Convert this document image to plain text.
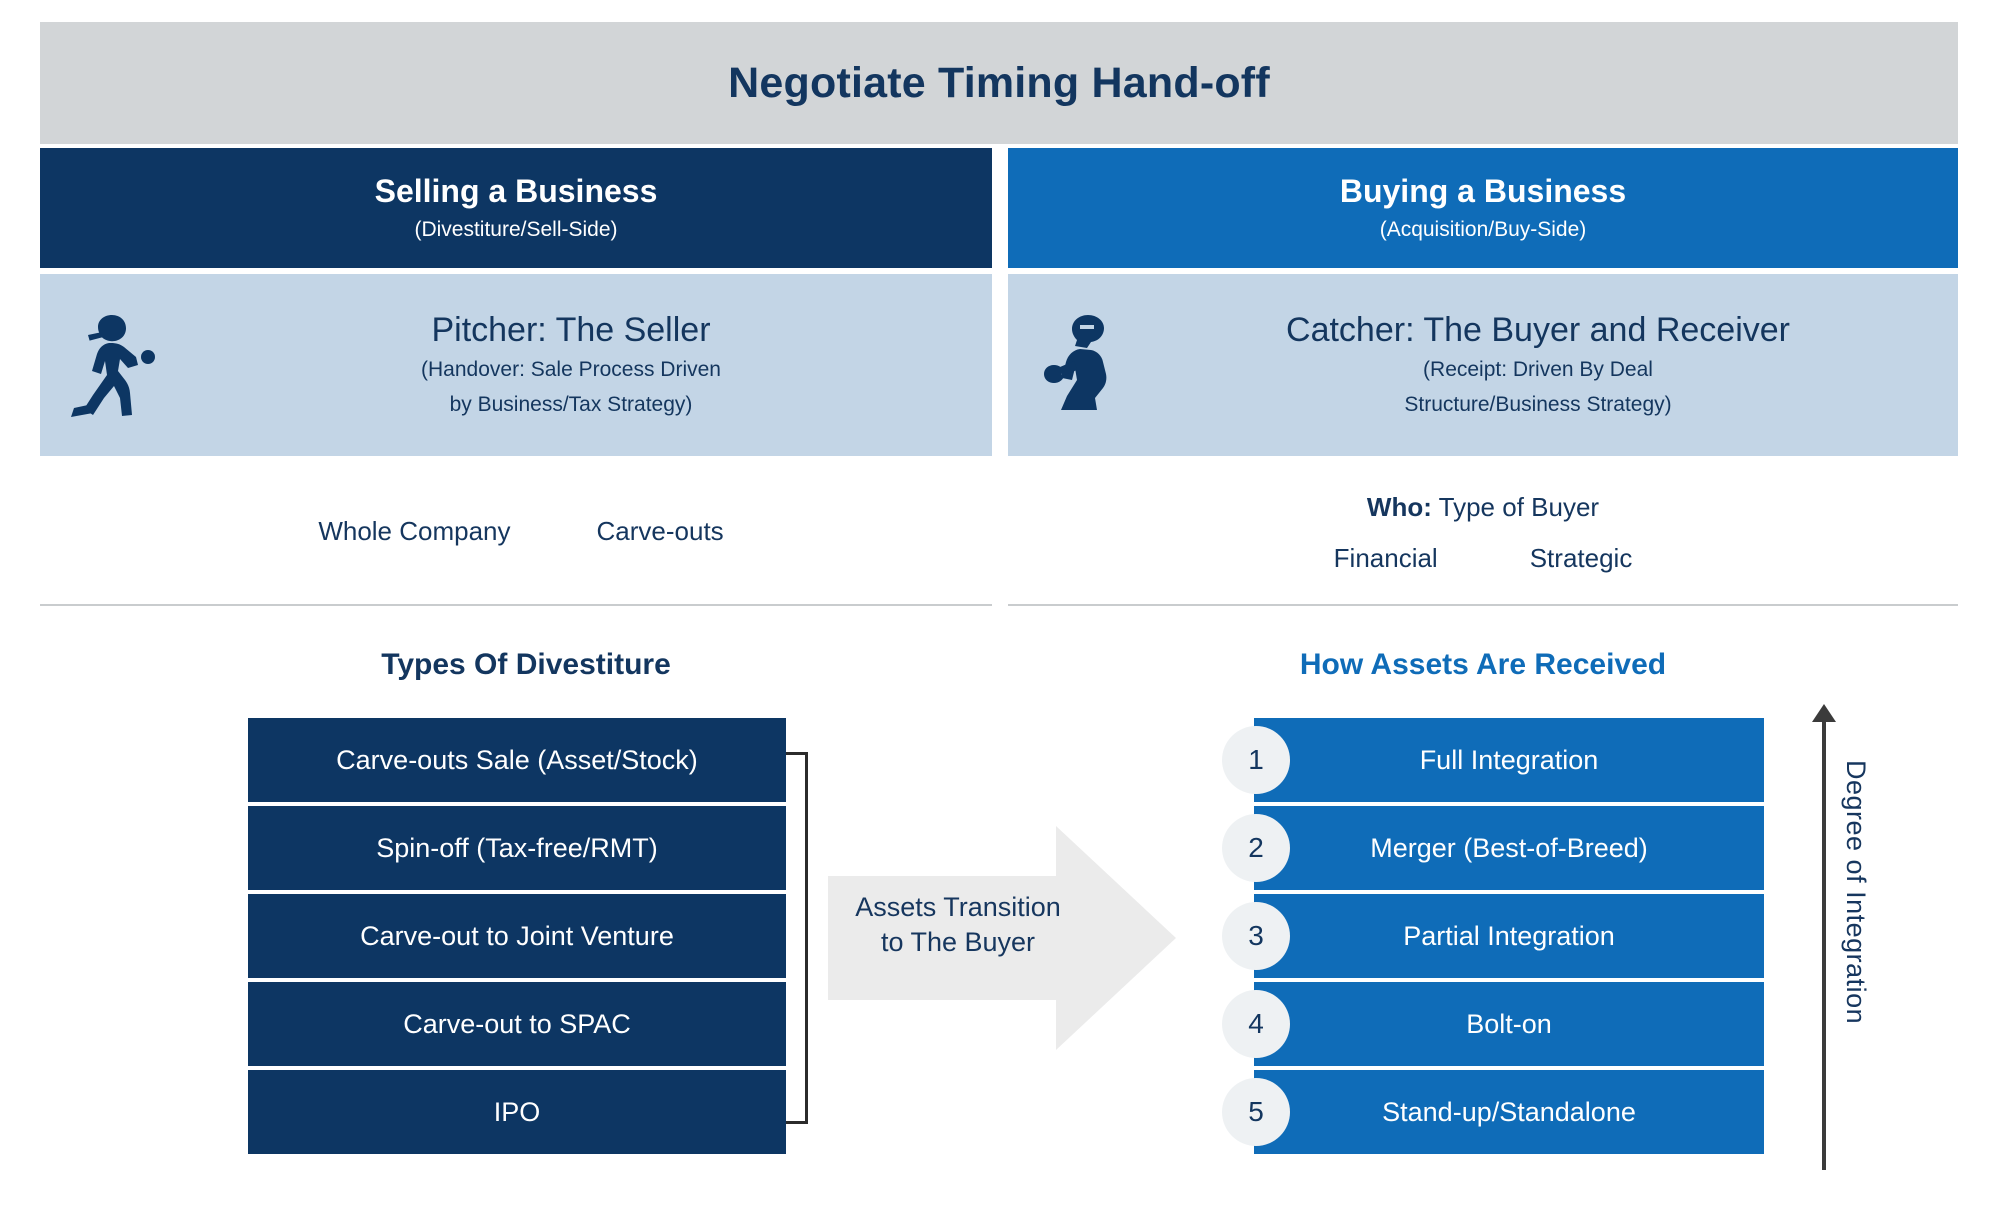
Negotiate Timing Hand-off
Selling a Business
(Divestiture/Sell-Side)
Buying a Business
(Acquisition/Buy-Side)
Pitcher: The Seller
(Handover: Sale Process Driven
by Business/Tax Strategy)
Catcher: The Buyer and Receiver
(Receipt: Driven By Deal
Structure/Business Strategy)
Whole Company	Carve-outs
Who: Type of Buyer
Financial	Strategic
Types Of Divestiture	How Assets Are Received
Carve-outs Sale (Asset/Stock)
Spin-off (Tax-free/RMT)
Carve-out to Joint Venture
Carve-out to SPAC
IPO
Assets Transition
to The Buyer
Full Integration
1
Merger (Best-of-Breed)
2
Partial Integration
3
Bolt-on
4
Stand-up/Standalone
5
Degree of Integration
